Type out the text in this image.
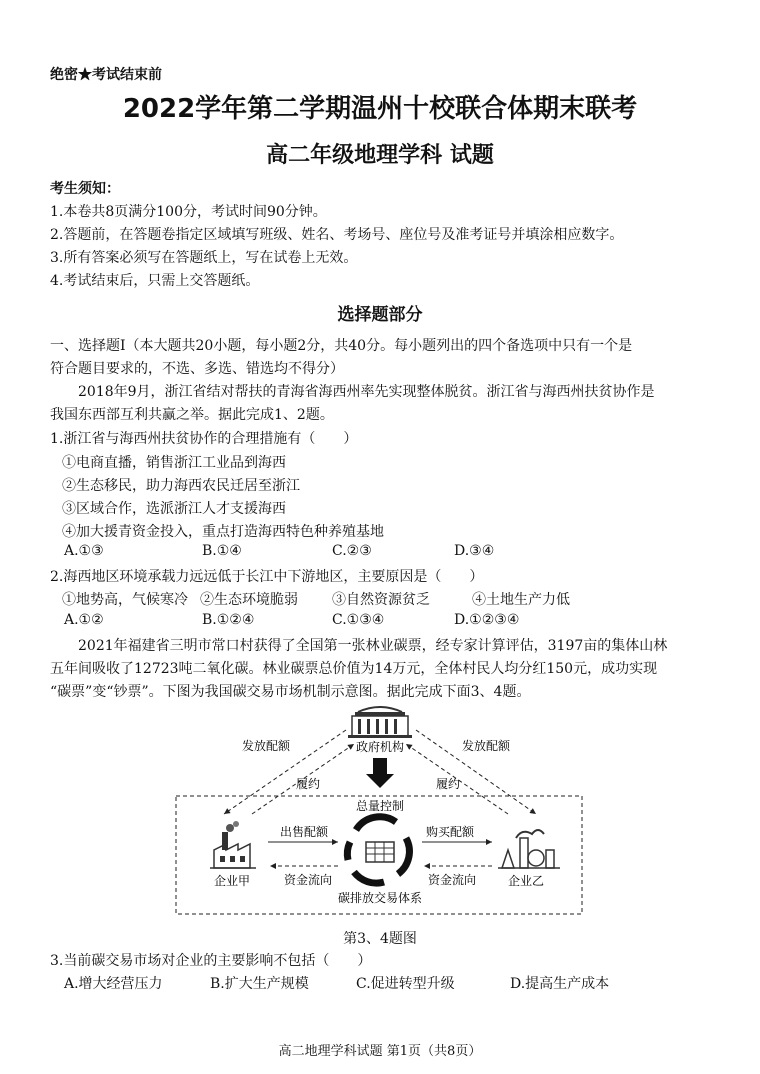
绝密★考试结束前
2022学年第二学期温州十校联合体期末联考
高二年级地理学科 试题
考生须知：
1.本卷共8页满分100分，考试时间90分钟。
2.答题前，在答题卷指定区域填写班级、姓名、考场号、座位号及准考证号并填涂相应数字。
3.所有答案必须写在答题纸上，写在试卷上无效。
4.考试结束后，只需上交答题纸。
选择题部分
一、选择题Ⅰ（本大题共20小题，每小题2分，共40分。每小题列出的四个备选项中只有一个是
符合题目要求的，不选、多选、错选均不得分）
2018年9月，浙江省结对帮扶的青海省海西州率先实现整体脱贫。浙江省与海西州扶贫协作是
我国东西部互利共赢之举。据此完成1、2题。
1.浙江省与海西州扶贫协作的合理措施有（　　）
①电商直播，销售浙江工业品到海西
②生态移民，助力海西农民迁居至浙江
③区域合作，选派浙江人才支援海西
④加大援青资金投入，重点打造海西特色种养殖基地
A.①③	B.①④	C.②③	D.③④
2.海西地区环境承载力远远低于长江中下游地区，主要原因是（　　）
①地势高，气候寒冷 ②生态环境脆弱 ③自然资源贫乏	④土地生产力低
A.①②	B.①②④	C.①③④	D.①②③④
2021年福建省三明市常口村获得了全国第一张林业碳票，经专家计算评估，3197亩的集体山林
五年间吸收了12723吨二氧化碳。林业碳票总价值为14万元，全体村民人均分红150元，成功实现
“碳票”变“钞票”。下图为我国碳交易市场机制示意图。据此完成下面3、4题。
政府机构
发放配额	发放配额
履约	履约
总量控制
企业甲	企业乙
出售配额	购买配额
资金流向	资金流向
碳排放交易体系
第3、4题图
3.当前碳交易市场对企业的主要影响不包括（　　）
A.增大经营压力	B.扩大生产规模	C.促进转型升级	D.提高生产成本
高二地理学科试题 第1页（共8页）
